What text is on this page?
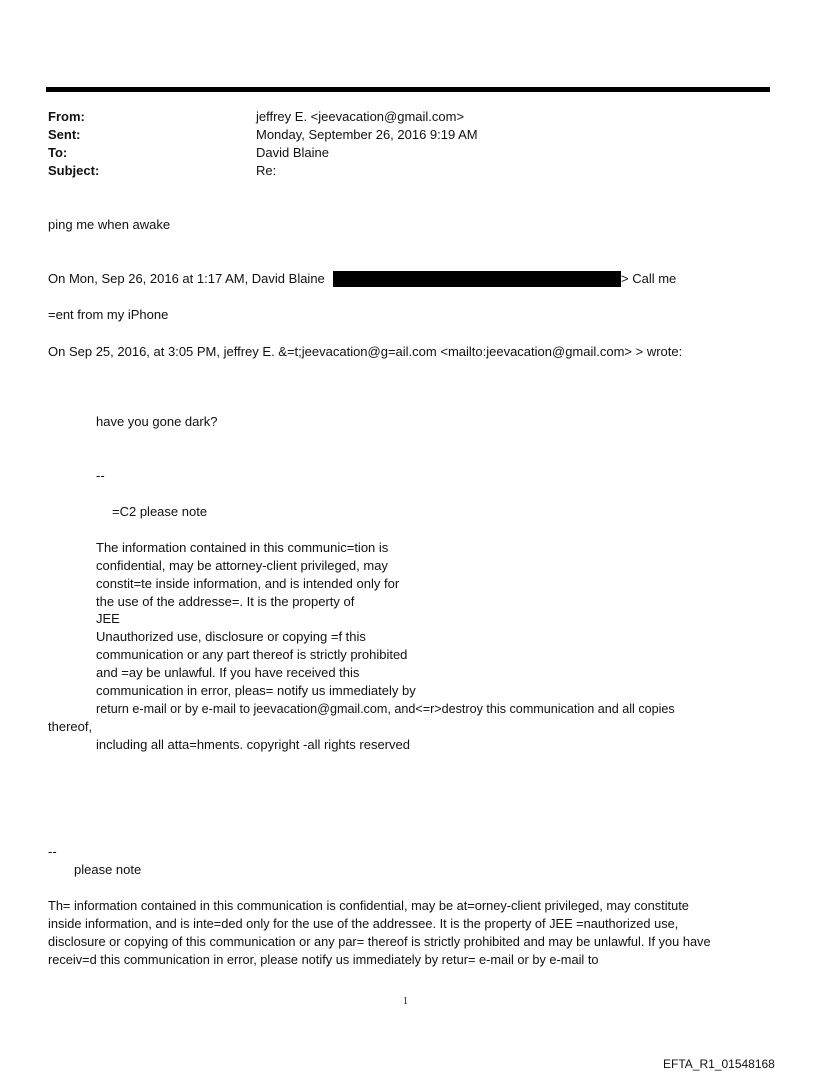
From:	jeffrey E. <jeevacation@gmail.com>
Sent:	Monday, September 26, 2016 9:19 AM
To:	David Blaine
Subject:	Re:
ping me when awake
On Mon, Sep 26, 2016 at 1:17 AM, David Blaine	> Call me
=ent from my iPhone
On Sep 25, 2016, at 3:05 PM, jeffrey E. &=t;jeevacation@g=ail.com <mailto:jeevacation@gmail.com> > wrote:
have you gone dark?
--
=C2 please note
The information contained in this communic=tion is
confidential, may be attorney-client privileged, may
constit=te inside information, and is intended only for
the use of the addresse=. It is the property of
JEE
Unauthorized use, disclosure or copying =f this
communication or any part thereof is strictly prohibited
and =ay be unlawful. If you have received this
communication in error, pleas= notify us immediately by
return e-mail or by e-mail to jeevacation@gmail.com, and<=r>destroy this communication and all copies
thereof,
including all atta=hments. copyright -all rights reserved
--
please note
Th= information contained in this communication is confidential, may be at=orney-client privileged, may constitute
inside information, and is inte=ded only for the use of the addressee. It is the property of JEE =nauthorized use,
disclosure or copying of this communication or any par= thereof is strictly prohibited and may be unlawful. If you have
receiv=d this communication in error, please notify us immediately by retur= e-mail or by e-mail to
1
EFTA_R1_01548168
